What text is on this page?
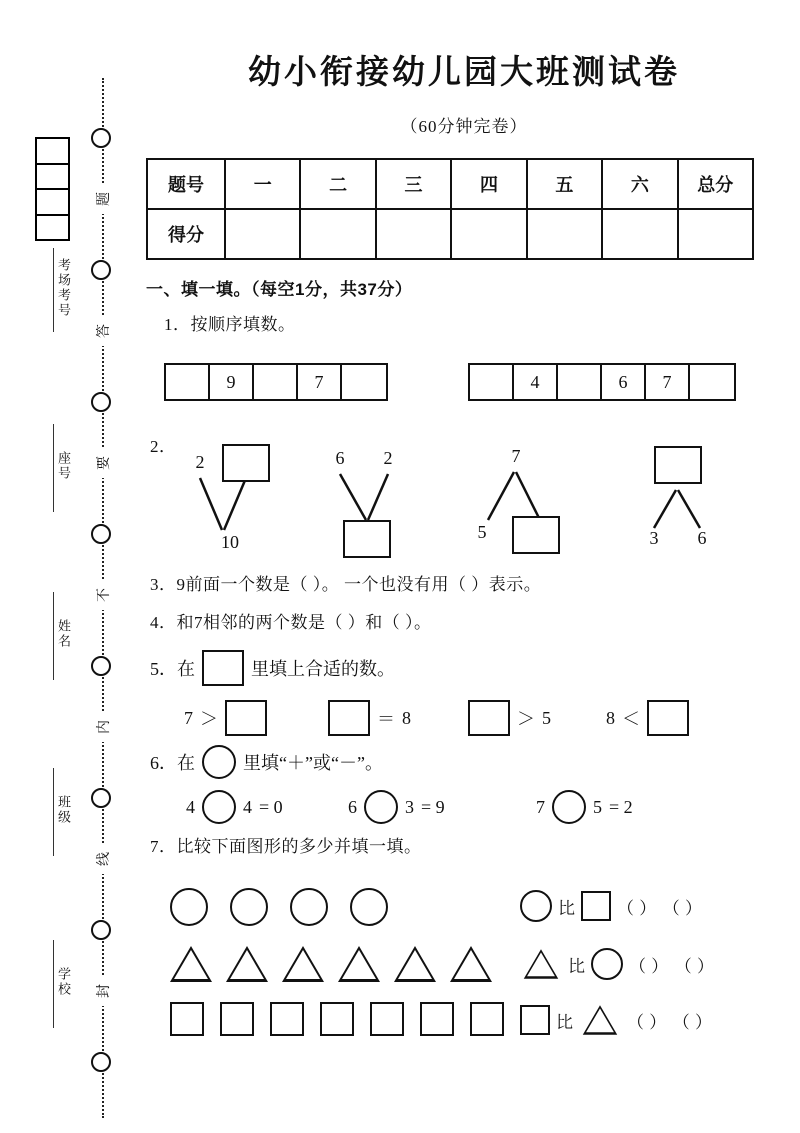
考场考号
座号
姓名
班级
学校
题
答
要
不
内
线
封
幼小衔接幼儿园大班测试卷
（60分钟完卷）
题号	一	二	三	四	五	六	总分
得分							
一、填一填。（每空1分，共37分）
1．按顺序填数。
9	7	4	6	7
2．
2
10
6	2	7
5	3	6
3．9前面一个数是（ ）。 一个也没有用（ ）表示。
4．和7相邻的两个数是（ ）和（ ）。
5．在	里填上合适的数。
7 ＞	＝ 8	＞ 5	8 ＜
6．在	里填“＋”或“－”。
4	4 = 0	6	3 = 9	7	5 = 2
7．比较下面图形的多少并填一填。
比 （ ） （ ）
比	（ ） （ ）
比	（ ） （ ）
